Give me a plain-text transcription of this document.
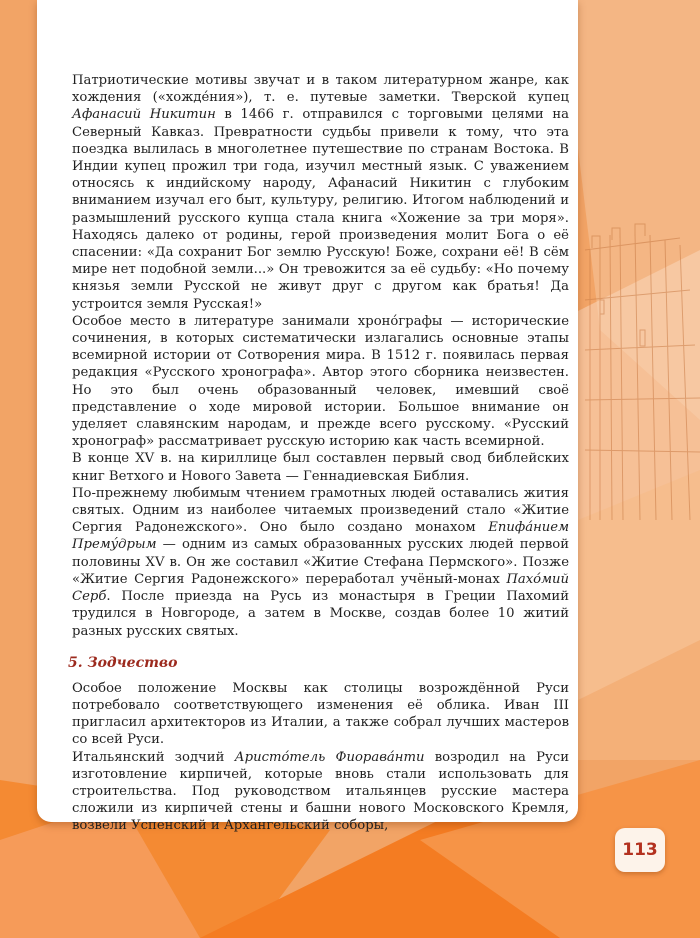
Патриотические мотивы звучат и в таком литературном жанре, как хождения («хожде́ния»), т. е. путевые заметки. Тверской купец Афанасий Никитин в 1466 г. отправился с торговыми целями на Северный Кавказ. Превратности судьбы привели к тому, что эта поездка вылилась в многолетнее путешествие по странам Востока. В Индии купец прожил три года, изучил местный язык. С уважением относясь к индийскому народу, Афанасий Никитин с глубоким вниманием изучал его быт, культуру, религию. Итогом наблюдений и размышлений русского купца стала книга «Хожение за три моря». Находясь далеко от родины, герой произведения молит Бога о её спасении: «Да сохранит Бог землю Русскую! Боже, сохрани её! В сём мире нет подобной земли...» Он тревожится за её судьбу: «Но почему князья земли Русской не живут друг с другом как братья! Да устроится земля Русская!»

Особое место в литературе занимали хроно́графы — исторические сочинения, в которых систематически излагались основные этапы всемирной истории от Сотворения мира. В 1512 г. появилась первая редакция «Русского хронографа». Автор этого сборника неизвестен. Но это был очень образованный человек, имевший своё представление о ходе мировой истории. Большое внимание он уделяет славянским народам, и прежде всего русскому. «Русский хронограф» рассматривает русскую историю как часть всемирной.

В конце XV в. на кириллице был составлен первый свод библейских книг Ветхого и Нового Завета — Геннадиевская Библия.

По-прежнему любимым чтением грамотных людей оставались жития святых. Одним из наиболее читаемых произведений стало «Житие Сергия Радонежского». Оно было создано монахом Епифа́нием Премýдрым — одним из самых образованных русских людей первой половины XV в. Он же составил «Житие Стефана Пермского». Позже «Житие Сергия Радонежского» переработал учёный-монах Пахо́мий Серб. После приезда на Русь из монастыря в Греции Пахомий трудился в Новгороде, а затем в Москве, создав более 10 житий разных русских святых.

5. Зодчество

Особое положение Москвы как столицы возрождённой Руси потребовало соответствующего изменения её облика. Иван III пригласил архитекторов из Италии, а также собрал лучших мастеров со всей Руси.

Итальянский зодчий Аристо́тель Фиорава́нти возродил на Руси изготовление кирпичей, которые вновь стали использовать для строительства. Под руководством итальянцев русские мастера сложили из кирпичей стены и башни нового Московского Кремля, возвели Успенский и Архангельский соборы,

113
